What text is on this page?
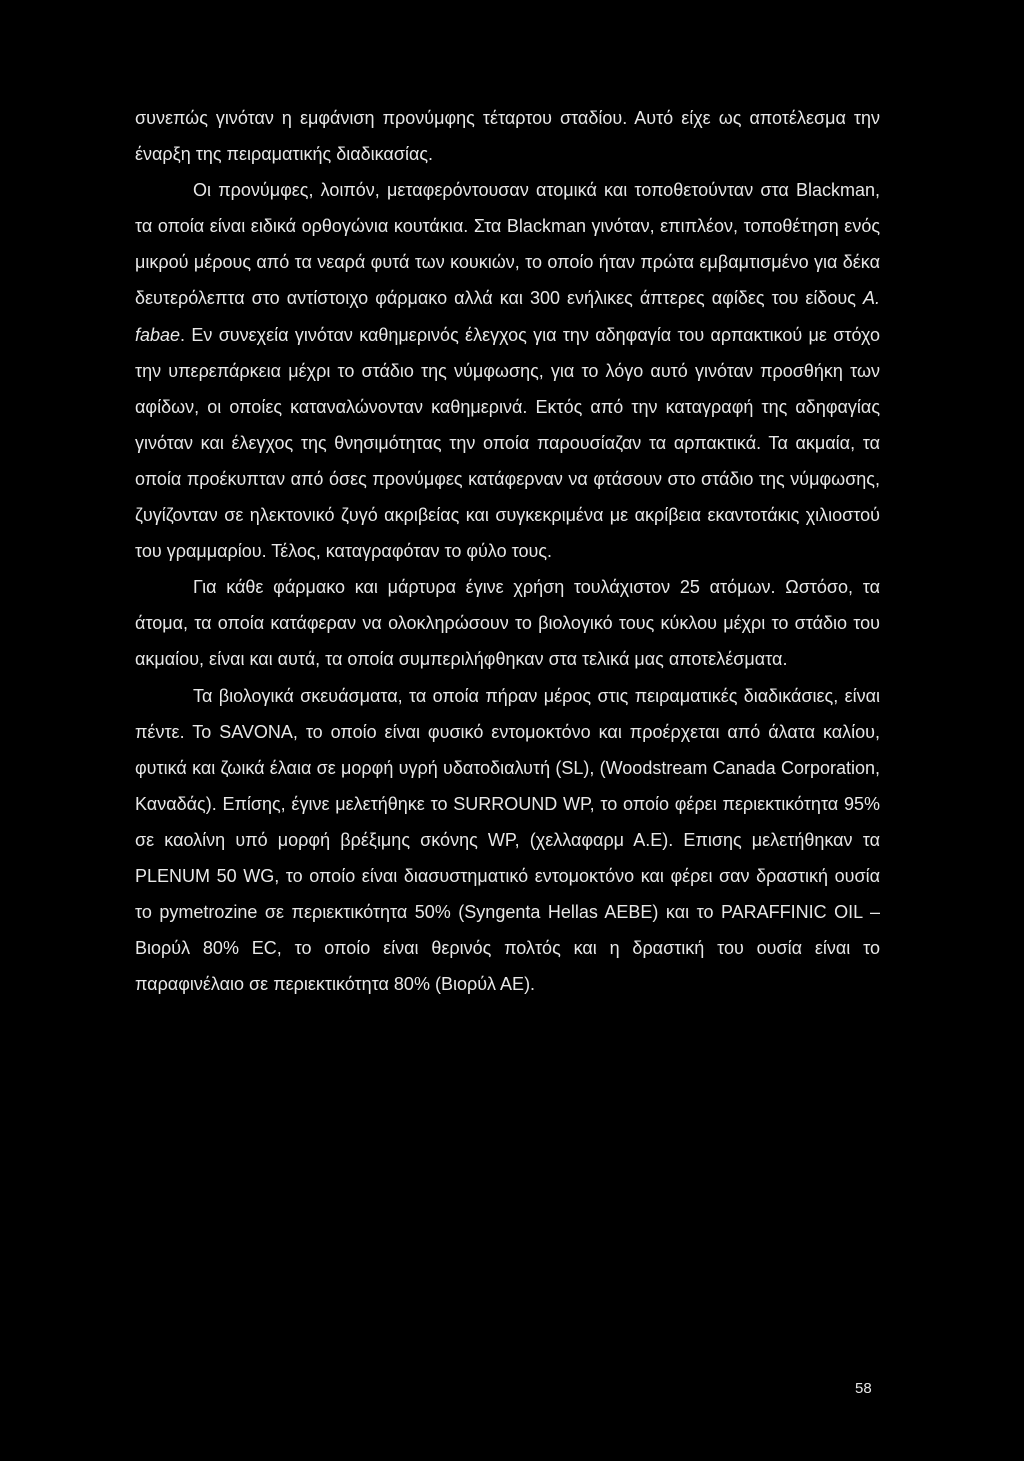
συνεπώς γινόταν η εμφάνιση προνύμφης τέταρτου σταδίου. Αυτό είχε ως αποτέλεσμα την έναρξη της πειραματικής διαδικασίας.

Οι προνύμφες, λοιπόν, μεταφερόντουσαν ατομικά και τοποθετούνταν στα Blackman, τα οποία είναι ειδικά ορθογώνια κουτάκια. Στα Blackman γινόταν, επιπλέον, τοποθέτηση ενός μικρού μέρους από τα νεαρά φυτά των κουκιών, το οποίο ήταν πρώτα εμβαμτισμένο για δέκα δευτερόλεπτα στο αντίστοιχο φάρμακο αλλά και 300 ενήλικες άπτερες αφίδες του είδους A. fabae. Εν συνεχεία γινόταν καθημερινός έλεγχος για την αδηφαγία του αρπακτικού με στόχο την υπερεπάρκεια μέχρι το στάδιο της νύμφωσης, για το λόγο αυτό γινόταν προσθήκη των αφίδων, οι οποίες καταναλώνονταν καθημερινά. Εκτός από την καταγραφή της αδηφαγίας γινόταν και έλεγχος της θνησιμότητας την οποία παρουσίαζαν τα αρπακτικά. Τα ακμαία, τα οποία προέκυπταν από όσες προνύμφες κατάφερναν να φτάσουν στο στάδιο της νύμφωσης, ζυγίζονταν σε ηλεκτονικό ζυγό ακριβείας και συγκεκριμένα με ακρίβεια εκαντοτάκις χιλιοστού του γραμμαρίου. Τέλος, καταγραφόταν το φύλο τους.

Για κάθε φάρμακο και μάρτυρα έγινε χρήση τουλάχιστον 25 ατόμων. Ωστόσο, τα άτομα, τα οποία κατάφεραν να ολοκληρώσουν το βιολογικό τους κύκλου μέχρι το στάδιο του ακμαίου, είναι και αυτά, τα οποία συμπεριλήφθηκαν στα τελικά μας αποτελέσματα.

Τα βιολογικά σκευάσματα, τα οποία πήραν μέρος στις πειραματικές διαδικάσιες, είναι πέντε. Το SAVONA, το οποίο είναι φυσικό εντομοκτόνο και προέρχεται από άλατα καλίου, φυτικά και ζωικά έλαια σε μορφή υγρή υδατοδιαλυτή (SL), (Woodstream Canada Corporation, Καναδάς). Επίσης, έγινε μελετήθηκε το SURROUND WP, το οποίο φέρει περιεκτικότητα 95% σε καολίνη υπό μορφή βρέξιμης σκόνης WP, (χελλαφαρμ Α.Ε). Επισης μελετήθηκαν τα PLENUM 50 WG, το οποίο είναι διασυστηματικό εντομοκτόνο και φέρει σαν δραστική ουσία το pymetrozine σε περιεκτικότητα 50% (Syngenta Hellas AEBE) και το PARAFFINIC OIL – Βιορύλ 80% EC, το οποίο είναι θερινός πολτός και η δραστική του ουσία είναι το παραφινέλαιο σε περιεκτικότητα 80% (Βιορύλ ΑΕ).

58
